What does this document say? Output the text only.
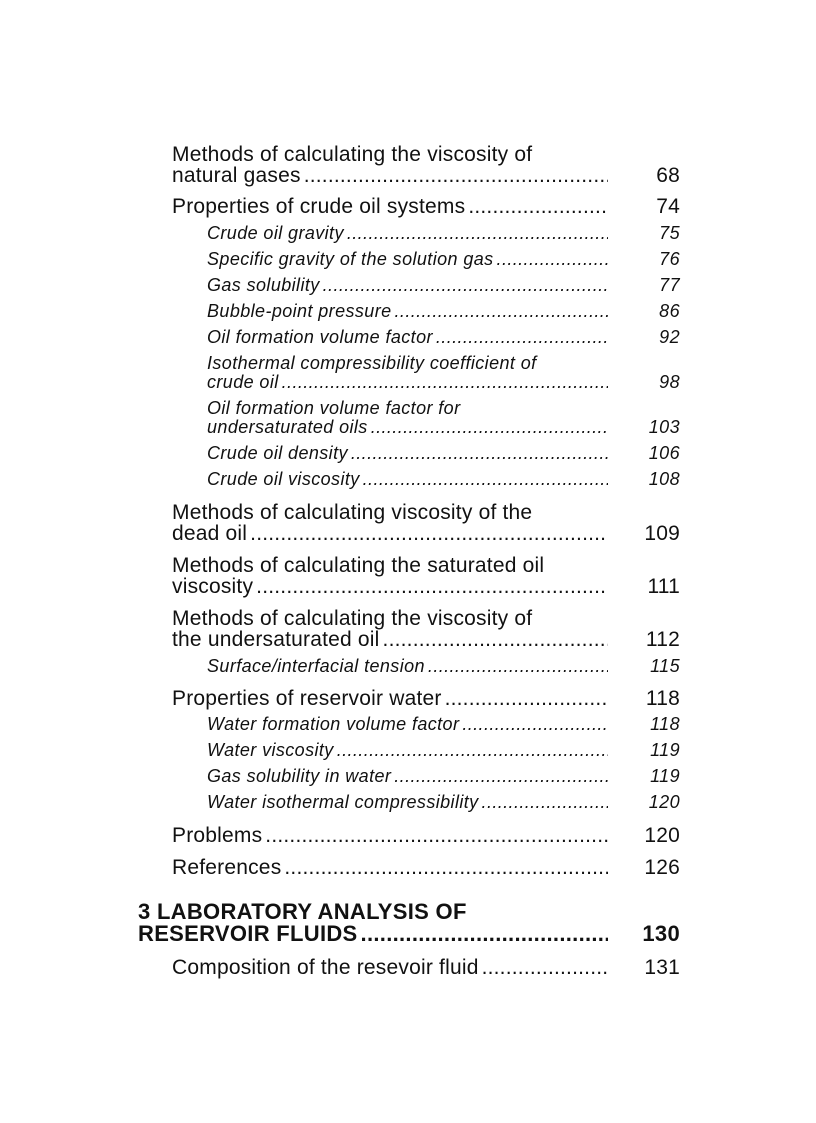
Methods of calculating the viscosity of
natural gases .....	68
Properties of crude oil systems .....	74
Crude oil gravity .....	75
Specific gravity of the solution gas .....	76
Gas solubility .....	77
Bubble-point pressure .....	86
Oil formation volume factor .....	92
Isothermal compressibility coefficient of
crude oil .....	98
Oil formation volume factor for
undersaturated oils .....	103
Crude oil density .....	106
Crude oil viscosity .....	108
Methods of calculating viscosity of the
dead oil .....	109
Methods of calculating the saturated oil
viscosity .....	111
Methods of calculating the viscosity of
the undersaturated oil .....	112
Surface/interfacial tension .....	115
Properties of reservoir water .....	118
Water formation volume factor .....	118
Water viscosity .....	119
Gas solubility in water .....	119
Water isothermal compressibility .....	120
Problems .....	120
References .....	126
3 LABORATORY ANALYSIS OF
RESERVOIR FLUIDS .....	130
Composition of the resevoir fluid .....	131
